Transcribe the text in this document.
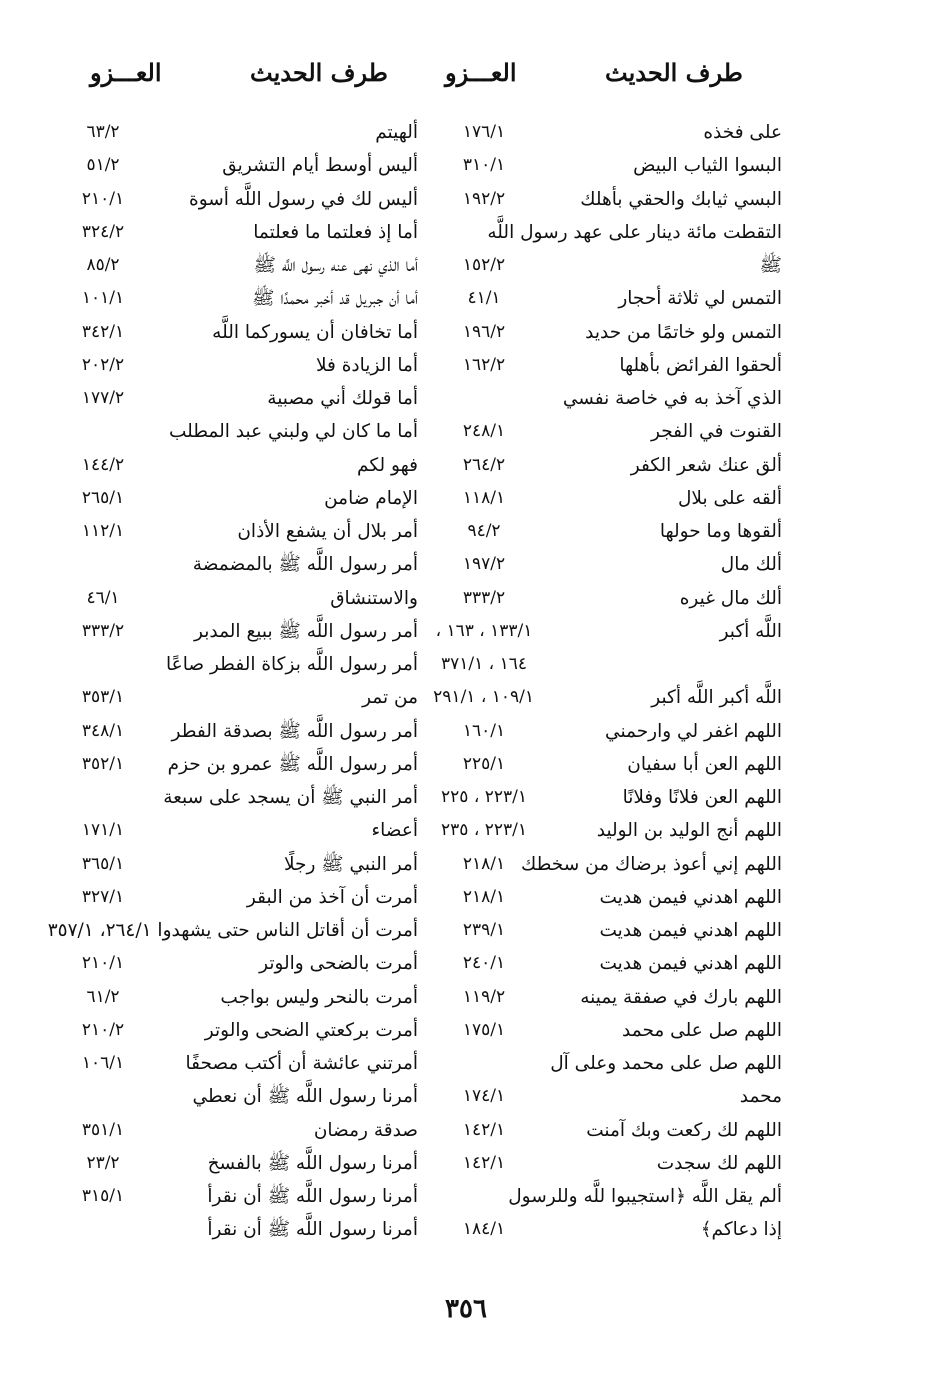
طرف الحديث
العـــزو
طرف الحديث
العـــزو
على فخذه
١٧٦/١
ألهيتم
٦٣/٢
البسوا الثياب البيض
٣١٠/١
أليس أوسط أيام التشريق
٥١/٢
البسي ثيابك والحقي بأهلك
١٩٢/٢
أليس لك في رسول اللَّه أسوة
٢١٠/١
التقطت مائة دينار على عهد رسول اللَّه
أما إذ فعلتما ما فعلتما
٣٢٤/٢
ﷺ
١٥٢/٢
أما الذي نهى عنه رسول اللَّه ﷺ
٨٥/٢
التمس لي ثلاثة أحجار
٤١/١
أما أن جبريل قد أخبر محمدًا ﷺ
١٠١/١
التمس ولو خاتمًا من حديد
١٩٦/٢
أما تخافان أن يسوركما اللَّه
٣٤٢/١
ألحقوا الفرائض بأهلها
١٦٢/٢
أما الزيادة فلا
٢٠٢/٢
الذي آخذ به في خاصة نفسي
أما قولك أني مصبية
١٧٧/٢
القنوت في الفجر
٢٤٨/١
أما ما كان لي ولبني عبد المطلب
ألق عنك شعر الكفر
٢٦٤/٢
فهو لكم
١٤٤/٢
ألقه على بلال
١١٨/١
الإمام ضامن
٢٦٥/١
ألقوها وما حولها
٩٤/٢
أمر بلال أن يشفع الأذان
١١٢/١
ألك مال
١٩٧/٢
أمر رسول اللَّه ﷺ بالمضمضة
ألك مال غيره
٣٣٣/٢
والاستنشاق
٤٦/١
اللَّه أكبر
١٣٣/١ ، ١٦٣ ،
أمر رسول اللَّه ﷺ ببيع المدبر
٣٣٣/٢
١٦٤ ، ٣٧١/١
أمر رسول اللَّه بزكاة الفطر صاعًا
اللَّه أكبر اللَّه أكبر
١٠٩/١ ، ٢٩١/١
من تمر
٣٥٣/١
اللهم اغفر لي وارحمني
١٦٠/١
أمر رسول اللَّه ﷺ بصدقة الفطر
٣٤٨/١
اللهم العن أبا سفيان
٢٢٥/١
أمر رسول اللَّه ﷺ عمرو بن حزم
٣٥٢/١
اللهم العن فلانًا وفلانًا
٢٢٣/١ ، ٢٢٥
أمر النبي ﷺ أن يسجد على سبعة
اللهم أنج الوليد بن الوليد
٢٢٣/١ ، ٢٣٥
أعضاء
١٧١/١
اللهم إني أعوذ برضاك من سخطك
٢١٨/١
أمر النبي ﷺ رجلًا
٣٦٥/١
اللهم اهدني فيمن هديت
٢١٨/١
أمرت أن آخذ من البقر
٣٢٧/١
اللهم اهدني فيمن هديت
٢٣٩/١
أمرت أن أقاتل الناس حتى يشهدوا ٢٦٤/١، ٣٥٧/١
اللهم اهدني فيمن هديت
٢٤٠/١
أمرت بالضحى والوتر
٢١٠/١
اللهم بارك في صفقة يمينه
١١٩/٢
أمرت بالنحر وليس بواجب
٦١/٢
اللهم صل على محمد
١٧٥/١
أمرت بركعتي الضحى والوتر
٢١٠/٢
اللهم صل على محمد وعلى آل
أمرتني عائشة أن أكتب مصحفًا
١٠٦/١
محمد
١٧٤/١
أمرنا رسول اللَّه ﷺ أن نعطي
اللهم لك ركعت وبك آمنت
١٤٢/١
صدقة رمضان
٣٥١/١
اللهم لك سجدت
١٤٢/١
أمرنا رسول اللَّه ﷺ بالفسخ
٢٣/٢
ألم يقل اللَّه ﴿استجيبوا للَّه وللرسول
أمرنا رسول اللَّه ﷺ أن نقرأ
٣١٥/١
إذا دعاكم﴾
١٨٤/١
أمرنا رسول اللَّه ﷺ أن نقرأ
٣٥٦
